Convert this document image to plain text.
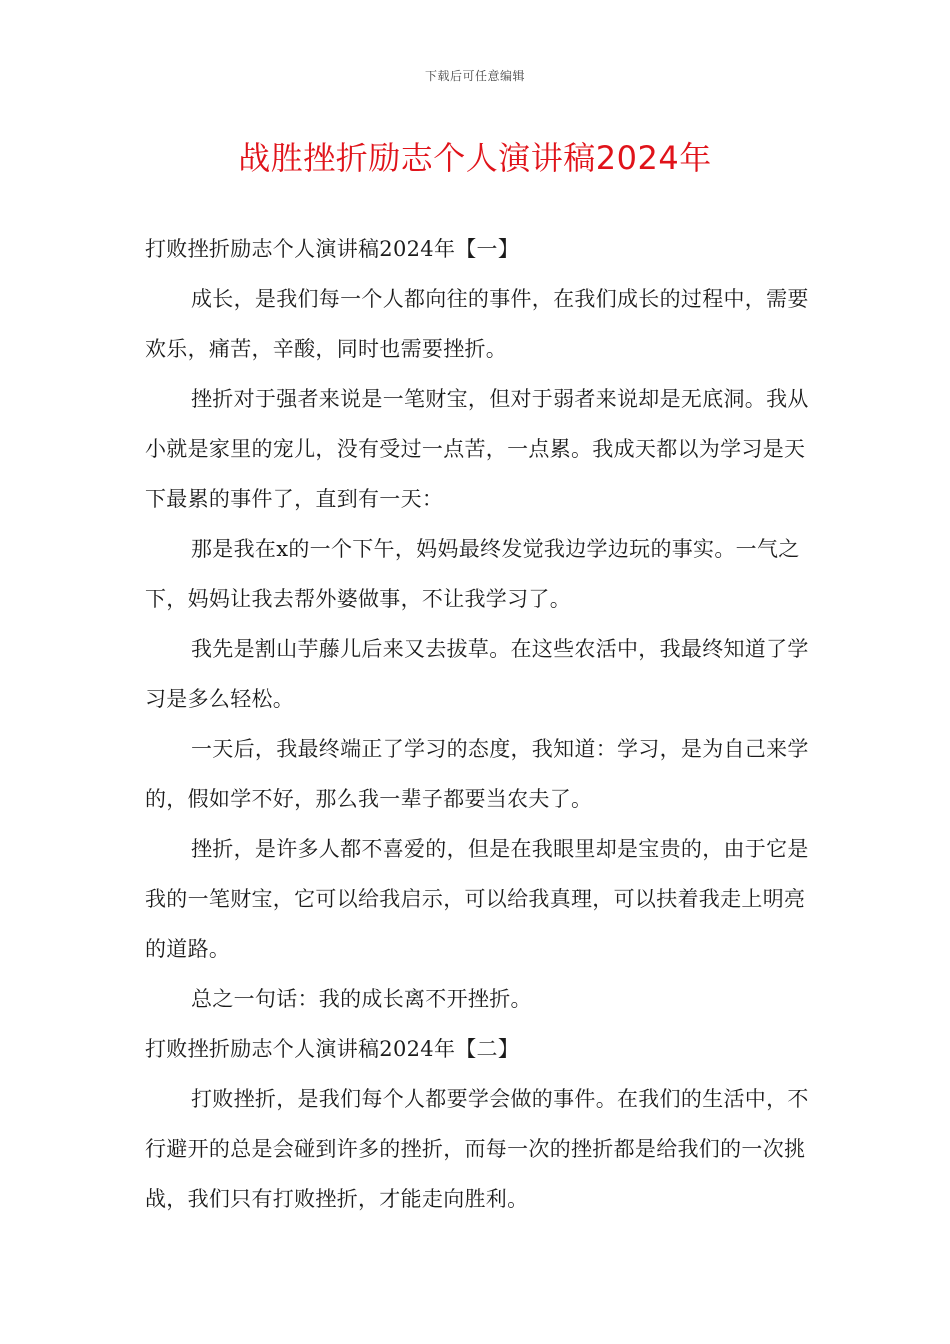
下载后可任意编辑
战胜挫折励志个人演讲稿2024年

打败挫折励志个人演讲稿2024年【一】

成长，是我们每一个人都向往的事件，在我们成长的过程中，需要欢乐，痛苦，辛酸，同时也需要挫折。

挫折对于强者来说是一笔财宝，但对于弱者来说却是无底洞。我从小就是家里的宠儿，没有受过一点苦，一点累。我成天都以为学习是天下最累的事件了，直到有一天：

那是我在x的一个下午，妈妈最终发觉我边学边玩的事实。一气之下，妈妈让我去帮外婆做事，不让我学习了。

我先是割山芋藤儿后来又去拔草。在这些农活中，我最终知道了学习是多么轻松。

一天后，我最终端正了学习的态度，我知道：学习，是为自己来学的，假如学不好，那么我一辈子都要当农夫了。

挫折，是许多人都不喜爱的，但是在我眼里却是宝贵的，由于它是我的一笔财宝，它可以给我启示，可以给我真理，可以扶着我走上明亮的道路。

总之一句话：我的成长离不开挫折。

打败挫折励志个人演讲稿2024年【二】

打败挫折，是我们每个人都要学会做的事件。在我们的生活中，不行避开的总是会碰到许多的挫折，而每一次的挫折都是给我们的一次挑战，我们只有打败挫折，才能走向胜利。
